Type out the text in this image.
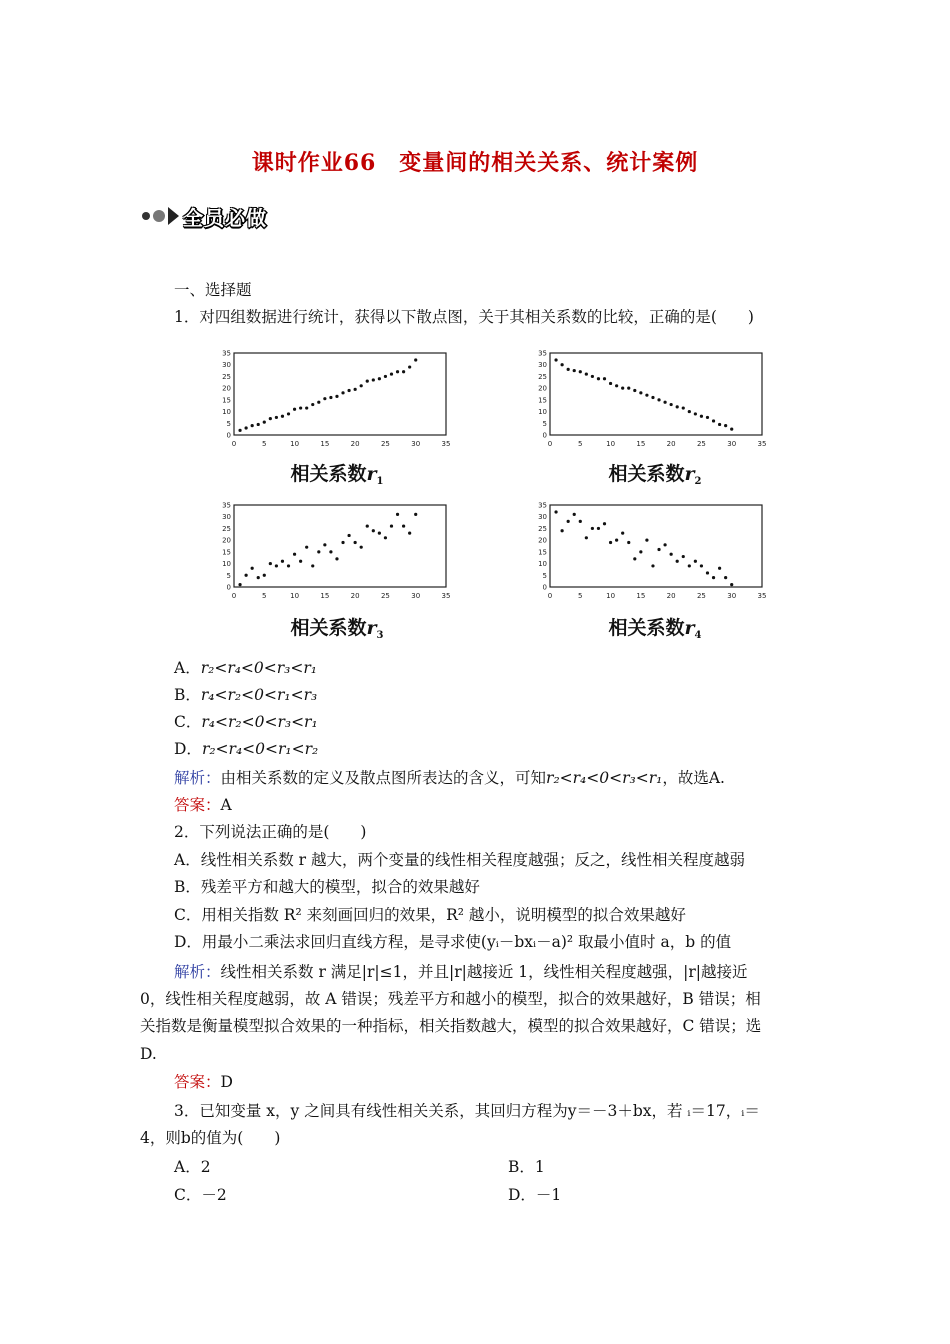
课时作业66　变量间的相关关系、统计案例
全员必做
一、选择题
1．对四组数据进行统计，获得以下散点图，关于其相关系数的比较，正确的是(　　)
0
0
5
5
10
10
15
15
20
20
25
25
30
30
35
35
0
0
5
5
10
10
15
15
20
20
25
25
30
30
35
35
0
0
5
5
10
10
15
15
20
20
25
25
30
30
35
35
0
0
5
5
10
10
15
15
20
20
25
25
30
30
35
35
相关系数$r_1$	相关系数$r_2$
相关系数$r_3$	相关系数$r_4$
A．r₂<r₄<0<r₃<r₁
B．r₄<r₂<0<r₁<r₃
C．r₄<r₂<0<r₃<r₁
D．r₂<r₄<0<r₁<r₂
解析：由相关系数的定义及散点图所表达的含义，可知r₂<r₄<0<r₃<r₁，故选A.
答案：A
2．下列说法正确的是(　　)
A．线性相关系数 r 越大，两个变量的线性相关程度越强；反之，线性相关程度越弱
B．残差平方和越大的模型，拟合的效果越好
C．用相关指数 R² 来刻画回归的效果，R² 越小，说明模型的拟合效果越好
D．用最小二乘法求回归直线方程，是寻求使(yᵢ－bxᵢ－a)² 取最小值时 a，b 的值
解析：线性相关系数 r 满足|r|≤1，并且|r|越接近 1，线性相关程度越强，|r|越接近
0，线性相关程度越弱，故 A 错误；残差平方和越小的模型，拟合的效果越好，B 错误；相
关指数是衡量模型拟合效果的一种指标，相关指数越大，模型的拟合效果越好，C 错误；选
D.
答案：D
3．已知变量 x，y 之间具有线性相关关系，其回归方程为y＝－3＋bx，若 ᵢ＝17，ᵢ＝
4，则b的值为(　　)
A．2	B．1
C．－2	D．－1
